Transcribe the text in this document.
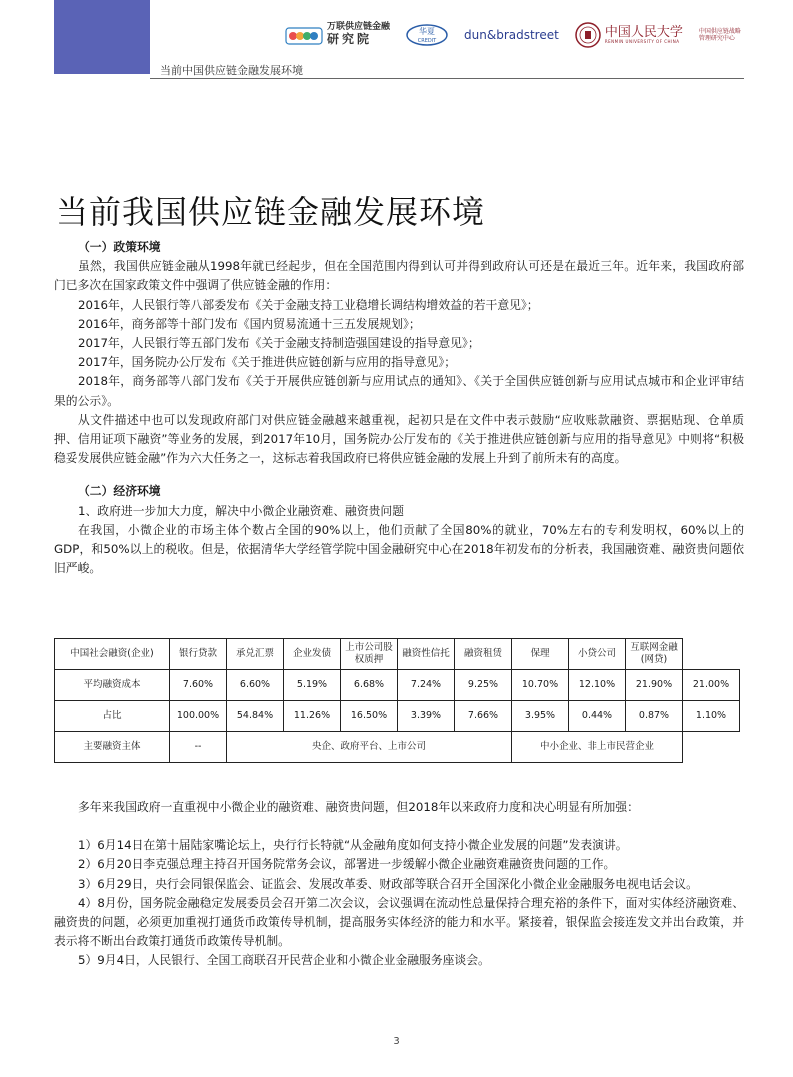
万联供应链金融
研究院
华夏
CREDIT dun&bradstreet	中国人民大学
RENMIN UNIVERSITY OF CHINA
中国供应链战略
管理研究中心
当前中国供应链金融发展环境
当前我国供应链金融发展环境

（一）政策环境

虽然，我国供应链金融从1998年就已经起步，但在全国范围内得到认可并得到政府认可还是在最近三年。近年来，我国政府部门已多次在国家政策文件中强调了供应链金融的作用：

2016年，人民银行等八部委发布《关于金融支持工业稳增长调结构增效益的若干意见》；

2016年，商务部等十部门发布《国内贸易流通十三五发展规划》；

2017年，人民银行等五部门发布《关于金融支持制造强国建设的指导意见》；

2017年，国务院办公厅发布《关于推进供应链创新与应用的指导意见》；

2018年，商务部等八部门发布《关于开展供应链创新与应用试点的通知》、《关于全国供应链创新与应用试点城市和企业评审结果的公示》。

从文件描述中也可以发现政府部门对供应链金融越来越重视，起初只是在文件中表示鼓励“应收账款融资、票据贴现、仓单质押、信用证项下融资”等业务的发展，到2017年10月，国务院办公厅发布的《关于推进供应链创新与应用的指导意见》中则将“积极稳妥发展供应链金融”作为六大任务之一，这标志着我国政府已将供应链金融的发展上升到了前所未有的高度。

（二）经济环境

1、政府进一步加大力度，解决中小微企业融资难、融资贵问题

在我国，小微企业的市场主体个数占全国的90%以上，他们贡献了全国80%的就业，70%左右的专利发明权，60%以上的GDP，和50%以上的税收。但是，依据清华大学经管学院中国金融研究中心在2018年初发布的分析表，我国融资难、融资贵问题依旧严峻。

中国社会融资(企业)	银行贷款	承兑汇票	企业发债	上市公司股权质押	融资性信托	融资租赁	保理	小贷公司	互联网金融(网贷)	
平均融资成本	7.60%	6.60%	5.19%	6.68%	7.24%	9.25%	10.70%	12.10%	21.90%	21.00%
占比	100.00%	54.84%	11.26%	16.50%	3.39%	7.66%	3.95%	0.44%	0.87%	1.10%
主要融资主体	--	央企、政府平台、上市公司					中小企业、非上市民营企业			

多年来我国政府一直重视中小微企业的融资难、融资贵问题，但2018年以来政府力度和决心明显有所加强：

1）6月14日在第十届陆家嘴论坛上，央行行长特就“从金融角度如何支持小微企业发展的问题”发表演讲。

2）6月20日李克强总理主持召开国务院常务会议，部署进一步缓解小微企业融资难融资贵问题的工作。

3）6月29日，央行会同银保监会、证监会、发展改革委、财政部等联合召开全国深化小微企业金融服务电视电话会议。

4）8月份，国务院金融稳定发展委员会召开第二次会议，会议强调在流动性总量保持合理充裕的条件下，面对实体经济融资难、融资贵的问题，必须更加重视打通货币政策传导机制，提高服务实体经济的能力和水平。紧接着，银保监会接连发文并出台政策，并表示将不断出台政策打通货币政策传导机制。

5）9月4日，人民银行、全国工商联召开民营企业和小微企业金融服务座谈会。

3
